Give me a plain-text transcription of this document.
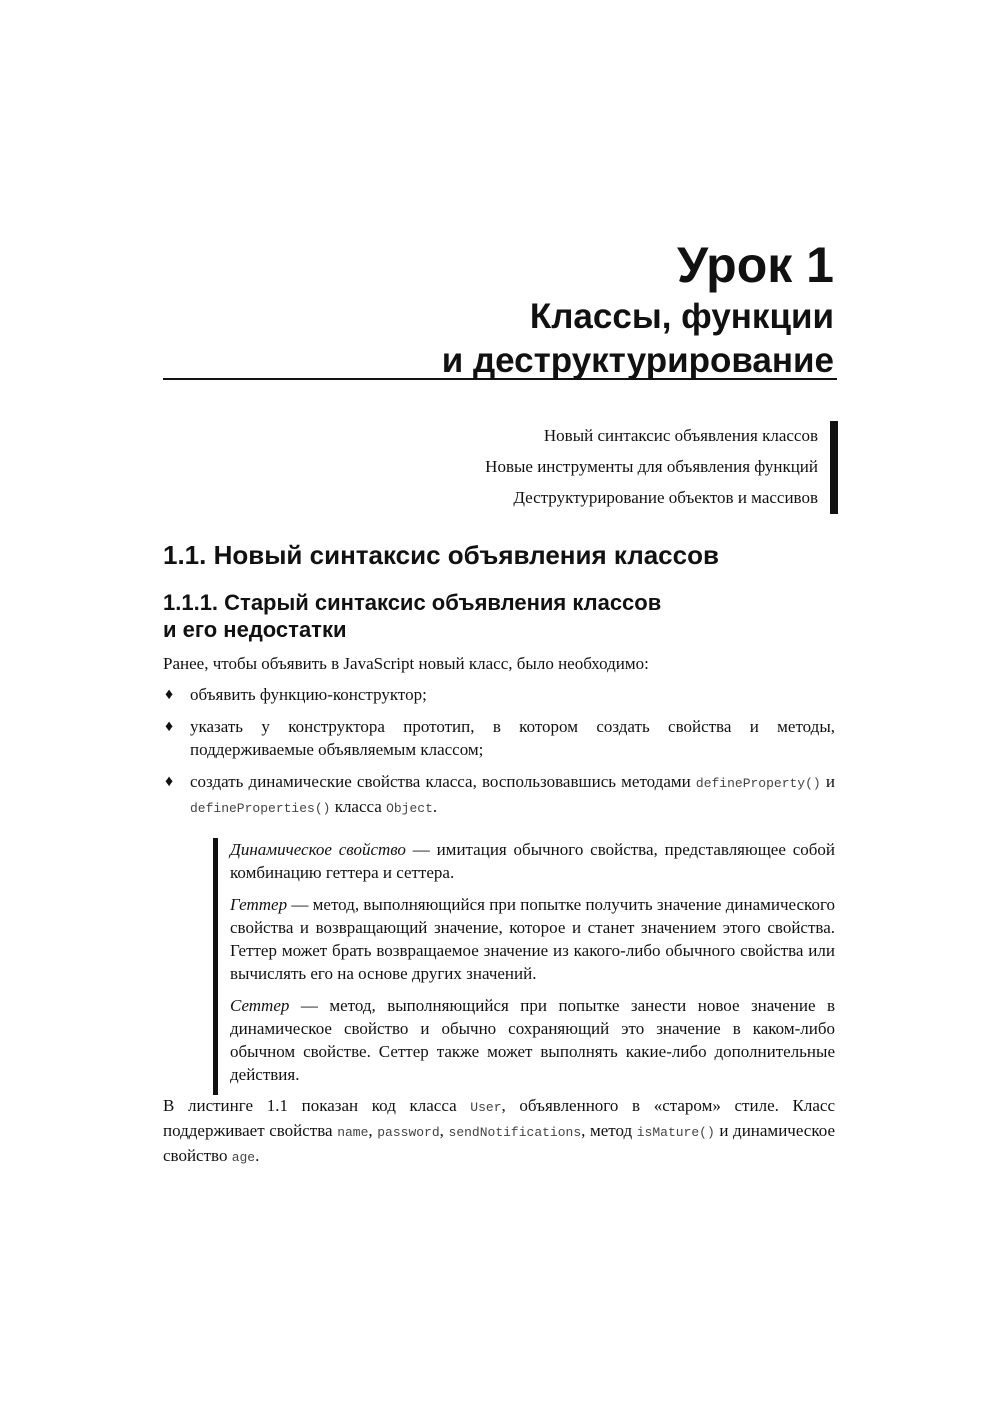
Урок 1
Классы, функции
и деструктурирование
Новый синтаксис объявления классов
Новые инструменты для объявления функций
Деструктурирование объектов и массивов
1.1. Новый синтаксис объявления классов
1.1.1. Старый синтаксис объявления классов
и его недостатки
Ранее, чтобы объявить в JavaScript новый класс, было необходимо:
♦ объявить функцию-конструктор;
♦ указать у конструктора прототип, в котором создать свойства и методы, поддерживаемые объявляемым классом;
♦ создать динамические свойства класса, воспользовавшись методами defineProperty() и defineProperties() класса Object.

Динамическое свойство — имитация обычного свойства, представляющее собой комбинацию геттера и сеттера.

Геттер — метод, выполняющийся при попытке получить значение динамического свойства и возвращающий значение, которое и станет значением этого свойства. Геттер может брать возвращаемое значение из какого-либо обычного свойства или вычислять его на основе других значений.

Сеттер — метод, выполняющийся при попытке занести новое значение в динамическое свойство и обычно сохраняющий это значение в каком-либо обычном свойстве. Сеттер также может выполнять какие-либо дополнительные действия.

В листинге 1.1 показан код класса User, объявленного в «старом» стиле. Класс поддерживает свойства name, password, sendNotifications, метод isMature() и динамическое свойство age.
